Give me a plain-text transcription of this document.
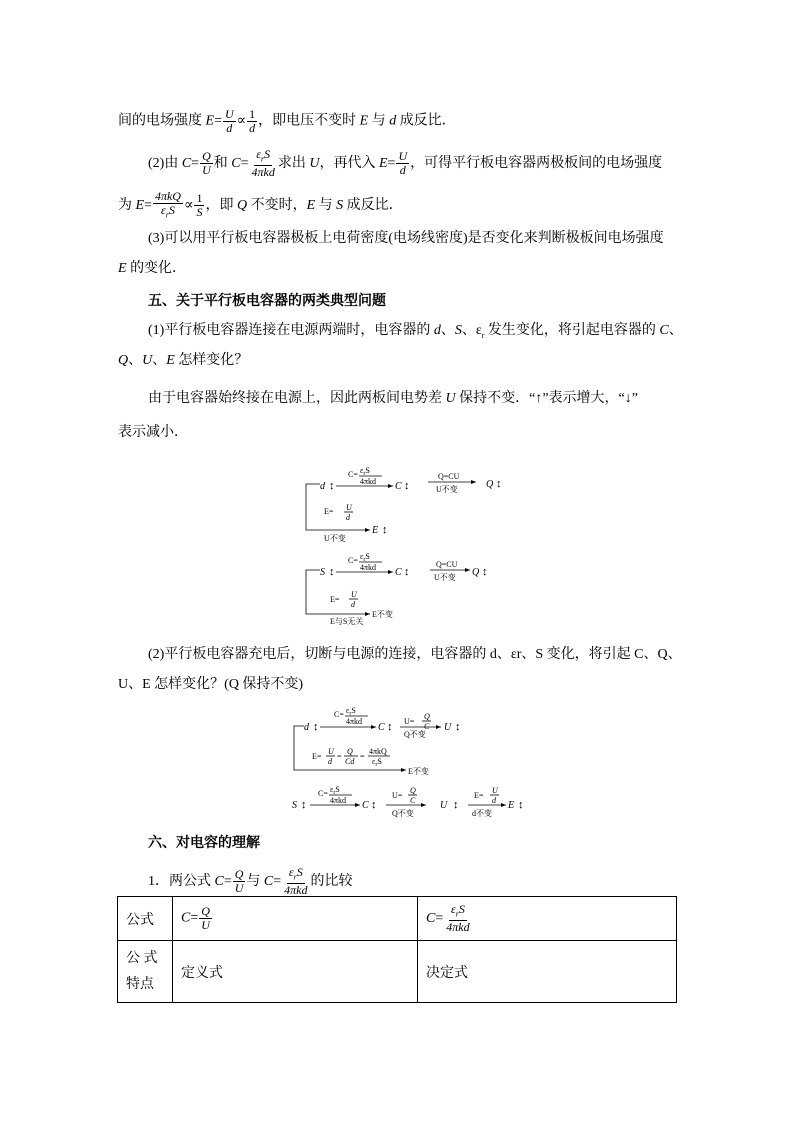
间的电场强度 $E= \frac{U}{d} \propto \frac{1}{d}$ ，即电压不变时 E 与 d 成反比．
(2)由 $C= \frac{Q}{U}$ 和 $C= \frac{\varepsilon_rS}{\text{4πkd}}$ 求出 U，再代入 $E= \frac{U}{d}$ ，可得平行板电容器两极板间的电场强度
为 $E= \frac{\text{4πkQ}}{\varepsilon_rS} \propto \frac{1}{S}$ ，即 Q 不变时，E 与 S 成反比．
(3)可以用平行板电容器极板上电荷密度(电场线密度)是否变化来判断极板间电场强度
E 的变化．
五、关于平行板电容器的两类典型问题
(1)平行板电容器连接在电源两端时，电容器的 d、S、$\varepsilon_r$ 发生变化，将引起电容器的 C、
Q、U、E 怎样变化？
由于电容器始终接在电源上，因此两板间电势差 U 保持不变．“↑”表示增大，“↓”
表示减小．
d ↕
$C= \varepsilon_rS$
4πkd C ↕
Q=CU
U不变	Q ↕
E= U
d
E ↕
U不变
S ↕
$C= \varepsilon_rS$
4πkd C ↕
Q=CU
U不变 Q ↕
E=
U
d
E不变
E与S无关
(2)平行板电容器充电后，切断与电源的连接，电容器的 d、εr、S 变化，将引起 C、Q、
U、E 怎样变化？(Q 保持不变)
d ↕
$C= \varepsilon_rS$
4πkd
C ↕ U=
Q
C
Q不变
U ↕
E=
U
d
=
Q
Cd
=
4πkQ
$\varepsilon_rS$
E不变
S ↕
$C= \varepsilon_rS$
4πkd C ↕
U=
Q
C
Q不变
U ↕
E=
U
d
d不变
E ↕
六、对电容的理解
1．两公式 $C= \frac{Q}{U}$ 与 $C= \frac{\varepsilon_rS}{\text{4πkd}}$ 的比较
公式	$C= \frac{Q}{U}$	$C= \frac{\varepsilon_rS}{\text{4πkd}}$

公 式
特点	定义式	决定式
